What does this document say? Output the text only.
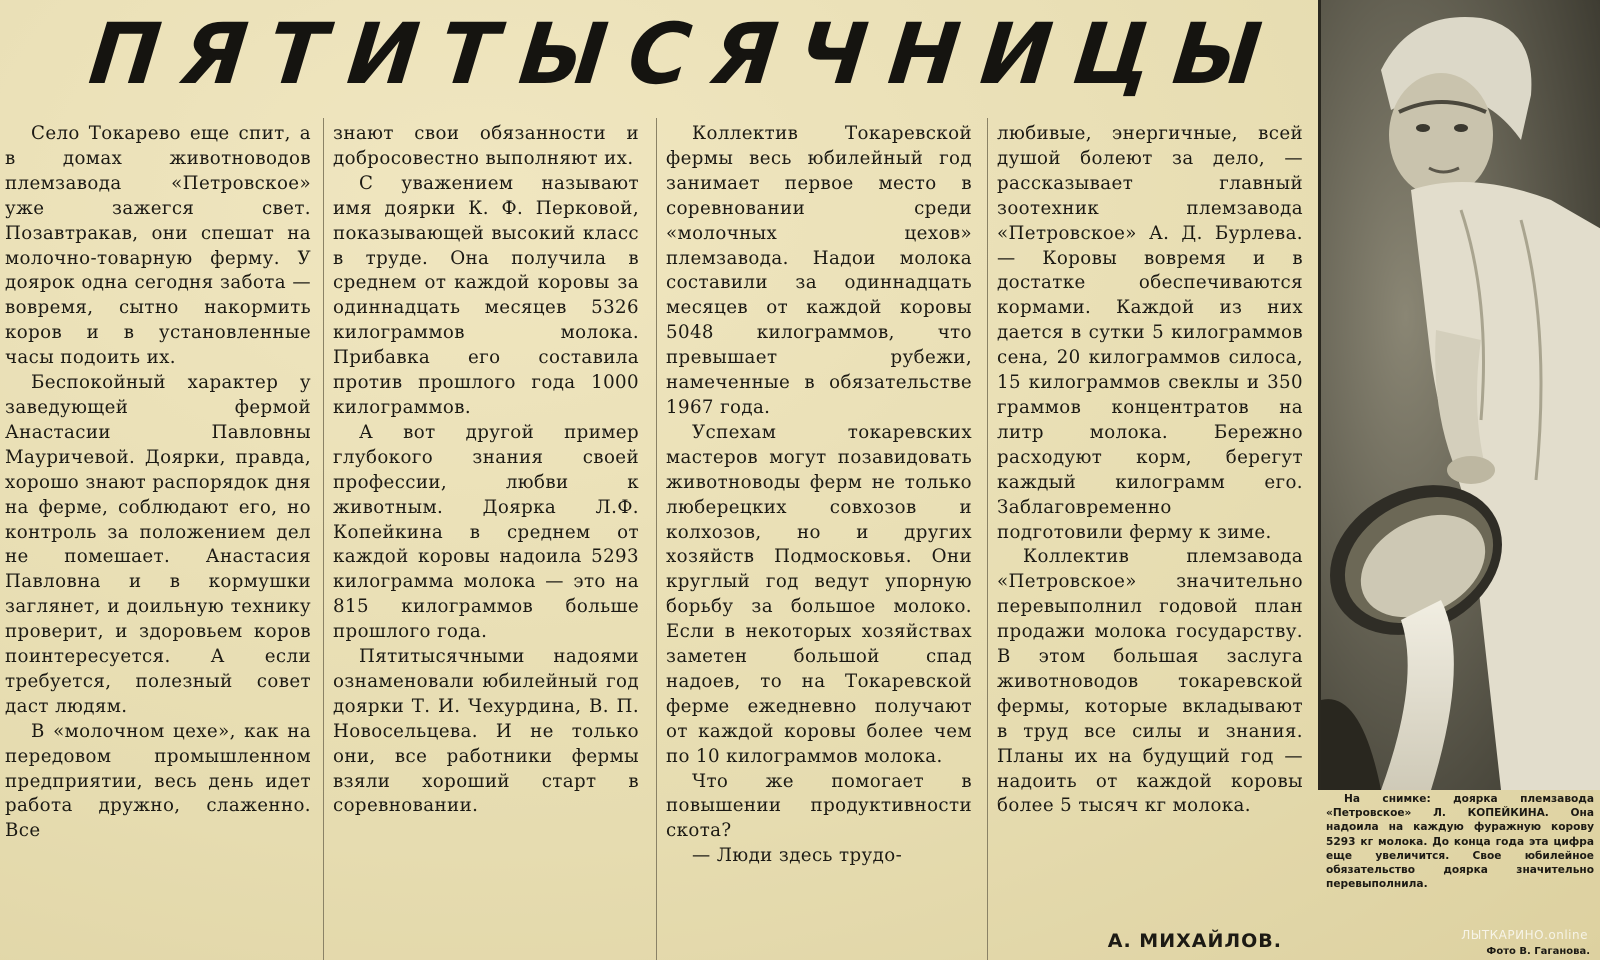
ПЯТИТЫСЯЧНИЦЫ

Село Токарево еще спит, а в домах животноводов племзавода «Петровское» уже зажегся свет. Позавтракав, они спешат на молочно-товарную ферму. У доярок одна сегодня забота — вовремя, сытно накормить коров и в установленные часы подоить их.

Беспокойный характер у заведующей фермой Анастасии Павловны Мауричевой. Доярки, правда, хорошо знают распорядок дня на ферме, соблюдают его, но контроль за положением дел не помешает. Анастасия Павловна и в кормушки заглянет, и доильную технику проверит, и здоровьем коров поинтересуется. А если требуется, полезный совет даст людям.

В «молочном цехе», как на передовом промышленном предприятии, весь день идет работа дружно, слаженно. Все

знают свои обязанности и добросовестно выполняют их.

С уважением называют имя доярки К. Ф. Перковой, показывающей высокий класс в труде. Она получила в среднем от каждой коровы за одиннадцать месяцев 5326 килограммов молока. Прибавка его составила против прошлого года 1000 килограммов.

А вот другой пример глубокого знания своей профессии, любви к животным. Доярка Л.Ф. Копейкина в среднем от каждой коровы надоила 5293 килограмма молока — это на 815 килограммов больше прошлого года.

Пятитысячными надоями ознаменовали юбилейный год доярки Т. И. Чехурдина, В. П. Новосельцева. И не только они, все работники фермы взяли хороший старт в соревновании.

Коллектив Токаревской фермы весь юбилейный год занимает первое место в соревновании среди «молочных цехов» племзавода. Надои молока составили за одиннадцать месяцев от каждой коровы 5048 килограммов, что превышает рубежи, намеченные в обязательстве 1967 года.

Успехам токаревских мастеров могут позавидовать животноводы ферм не только люберецких совхозов и колхозов, но и других хозяйств Подмосковья. Они круглый год ведут упорную борьбу за большое молоко. Если в некоторых хозяйствах заметен большой спад надоев, то на Токаревской ферме ежедневно получают от каждой коровы более чем по 10 килограммов молока.

Что же помогает в повышении продуктивности скота?

— Люди здесь трудо-

любивые, энергичные, всей душой болеют за дело, — рассказывает главный зоотехник племзавода «Петровское» А. Д. Бурлева. — Коровы вовремя и в достатке обеспечиваются кормами. Каждой из них дается в сутки 5 килограммов сена, 20 килограммов силоса, 15 килограммов свеклы и 350 граммов концентратов на литр молока. Бережно расходуют корм, берегут каждый килограмм его. Заблаговременно подготовили ферму к зиме.

Коллектив племзавода «Петровское» значительно перевыполнил годовой план продажи молока государству. В этом большая заслуга животноводов токаревской фермы, которые вкладывают в труд все силы и знания. Планы их на будущий год — надоить от каждой коровы более 5 тысяч кг молока.

А. МИХАЙЛОВ.
На снимке: доярка племзавода «Петровское» Л. КОПЕЙКИНА. Она надоила на каждую фуражную корову 5293 кг молока. До конца года эта цифра еще увеличится. Свое юбилейное обязательство доярка значительно перевыполнила.
Фото В. Гаганова.
ЛЫТКАРИНО.online
